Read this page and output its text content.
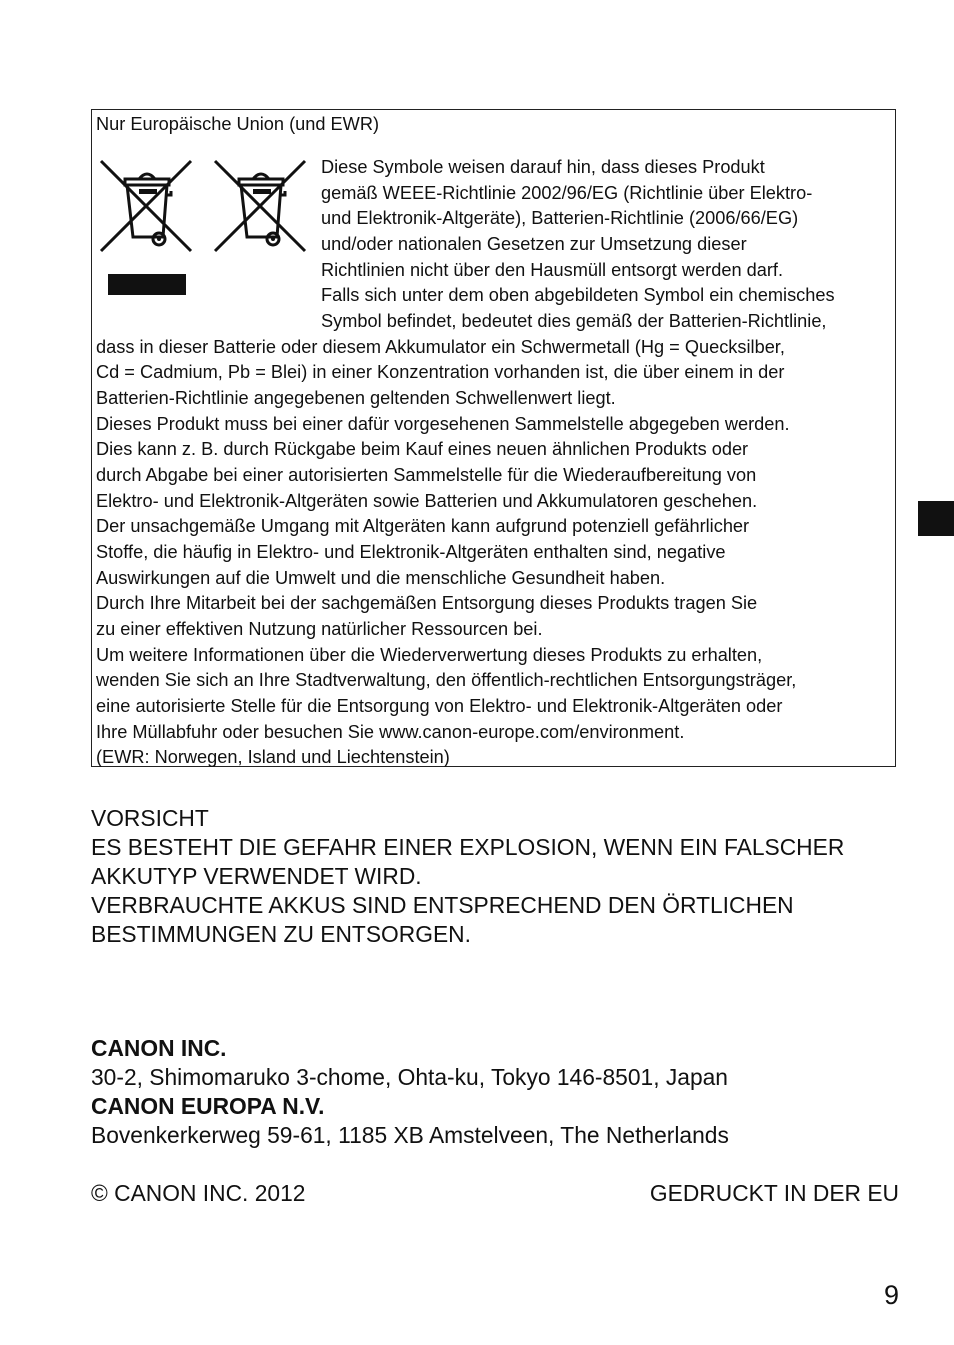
Nur Europäische Union (und EWR)
Diese Symbole weisen darauf hin, dass dieses Produkt
gemäß WEEE-Richtlinie 2002/96/EG (Richtlinie über Elektro-
und Elektronik-Altgeräte), Batterien-Richtlinie (2006/66/EG)
und/oder nationalen Gesetzen zur Umsetzung dieser
Richtlinien nicht über den Hausmüll entsorgt werden darf.
Falls sich unter dem oben abgebildeten Symbol ein chemisches
Symbol befindet, bedeutet dies gemäß der Batterien-Richtlinie,
dass in dieser Batterie oder diesem Akkumulator ein Schwermetall (Hg = Quecksilber,
Cd = Cadmium, Pb = Blei) in einer Konzentration vorhanden ist, die über einem in der
Batterien-Richtlinie angegebenen geltenden Schwellenwert liegt.
Dieses Produkt muss bei einer dafür vorgesehenen Sammelstelle abgegeben werden.
Dies kann z. B. durch Rückgabe beim Kauf eines neuen ähnlichen Produkts oder
durch Abgabe bei einer autorisierten Sammelstelle für die Wiederaufbereitung von
Elektro- und Elektronik-Altgeräten sowie Batterien und Akkumulatoren geschehen.
Der unsachgemäße Umgang mit Altgeräten kann aufgrund potenziell gefährlicher
Stoffe, die häufig in Elektro- und Elektronik-Altgeräten enthalten sind, negative
Auswirkungen auf die Umwelt und die menschliche Gesundheit haben.
Durch Ihre Mitarbeit bei der sachgemäßen Entsorgung dieses Produkts tragen Sie
zu einer effektiven Nutzung natürlicher Ressourcen bei.
Um weitere Informationen über die Wiederverwertung dieses Produkts zu erhalten,
wenden Sie sich an Ihre Stadtverwaltung, den öffentlich-rechtlichen Entsorgungsträger,
eine autorisierte Stelle für die Entsorgung von Elektro- und Elektronik-Altgeräten oder
Ihre Müllabfuhr oder besuchen Sie www.canon-europe.com/environment.
(EWR: Norwegen, Island und Liechtenstein)
VORSICHT
ES BESTEHT DIE GEFAHR EINER EXPLOSION, WENN EIN FALSCHER
AKKUTYP VERWENDET WIRD.
VERBRAUCHTE AKKUS SIND ENTSPRECHEND DEN ÖRTLICHEN
BESTIMMUNGEN ZU ENTSORGEN.
CANON INC.
30-2, Shimomaruko 3-chome, Ohta-ku, Tokyo 146-8501, Japan
CANON EUROPA N.V.
Bovenkerkerweg 59-61, 1185 XB Amstelveen, The Netherlands
© CANON INC. 2012	GEDRUCKT IN DER EU
9
